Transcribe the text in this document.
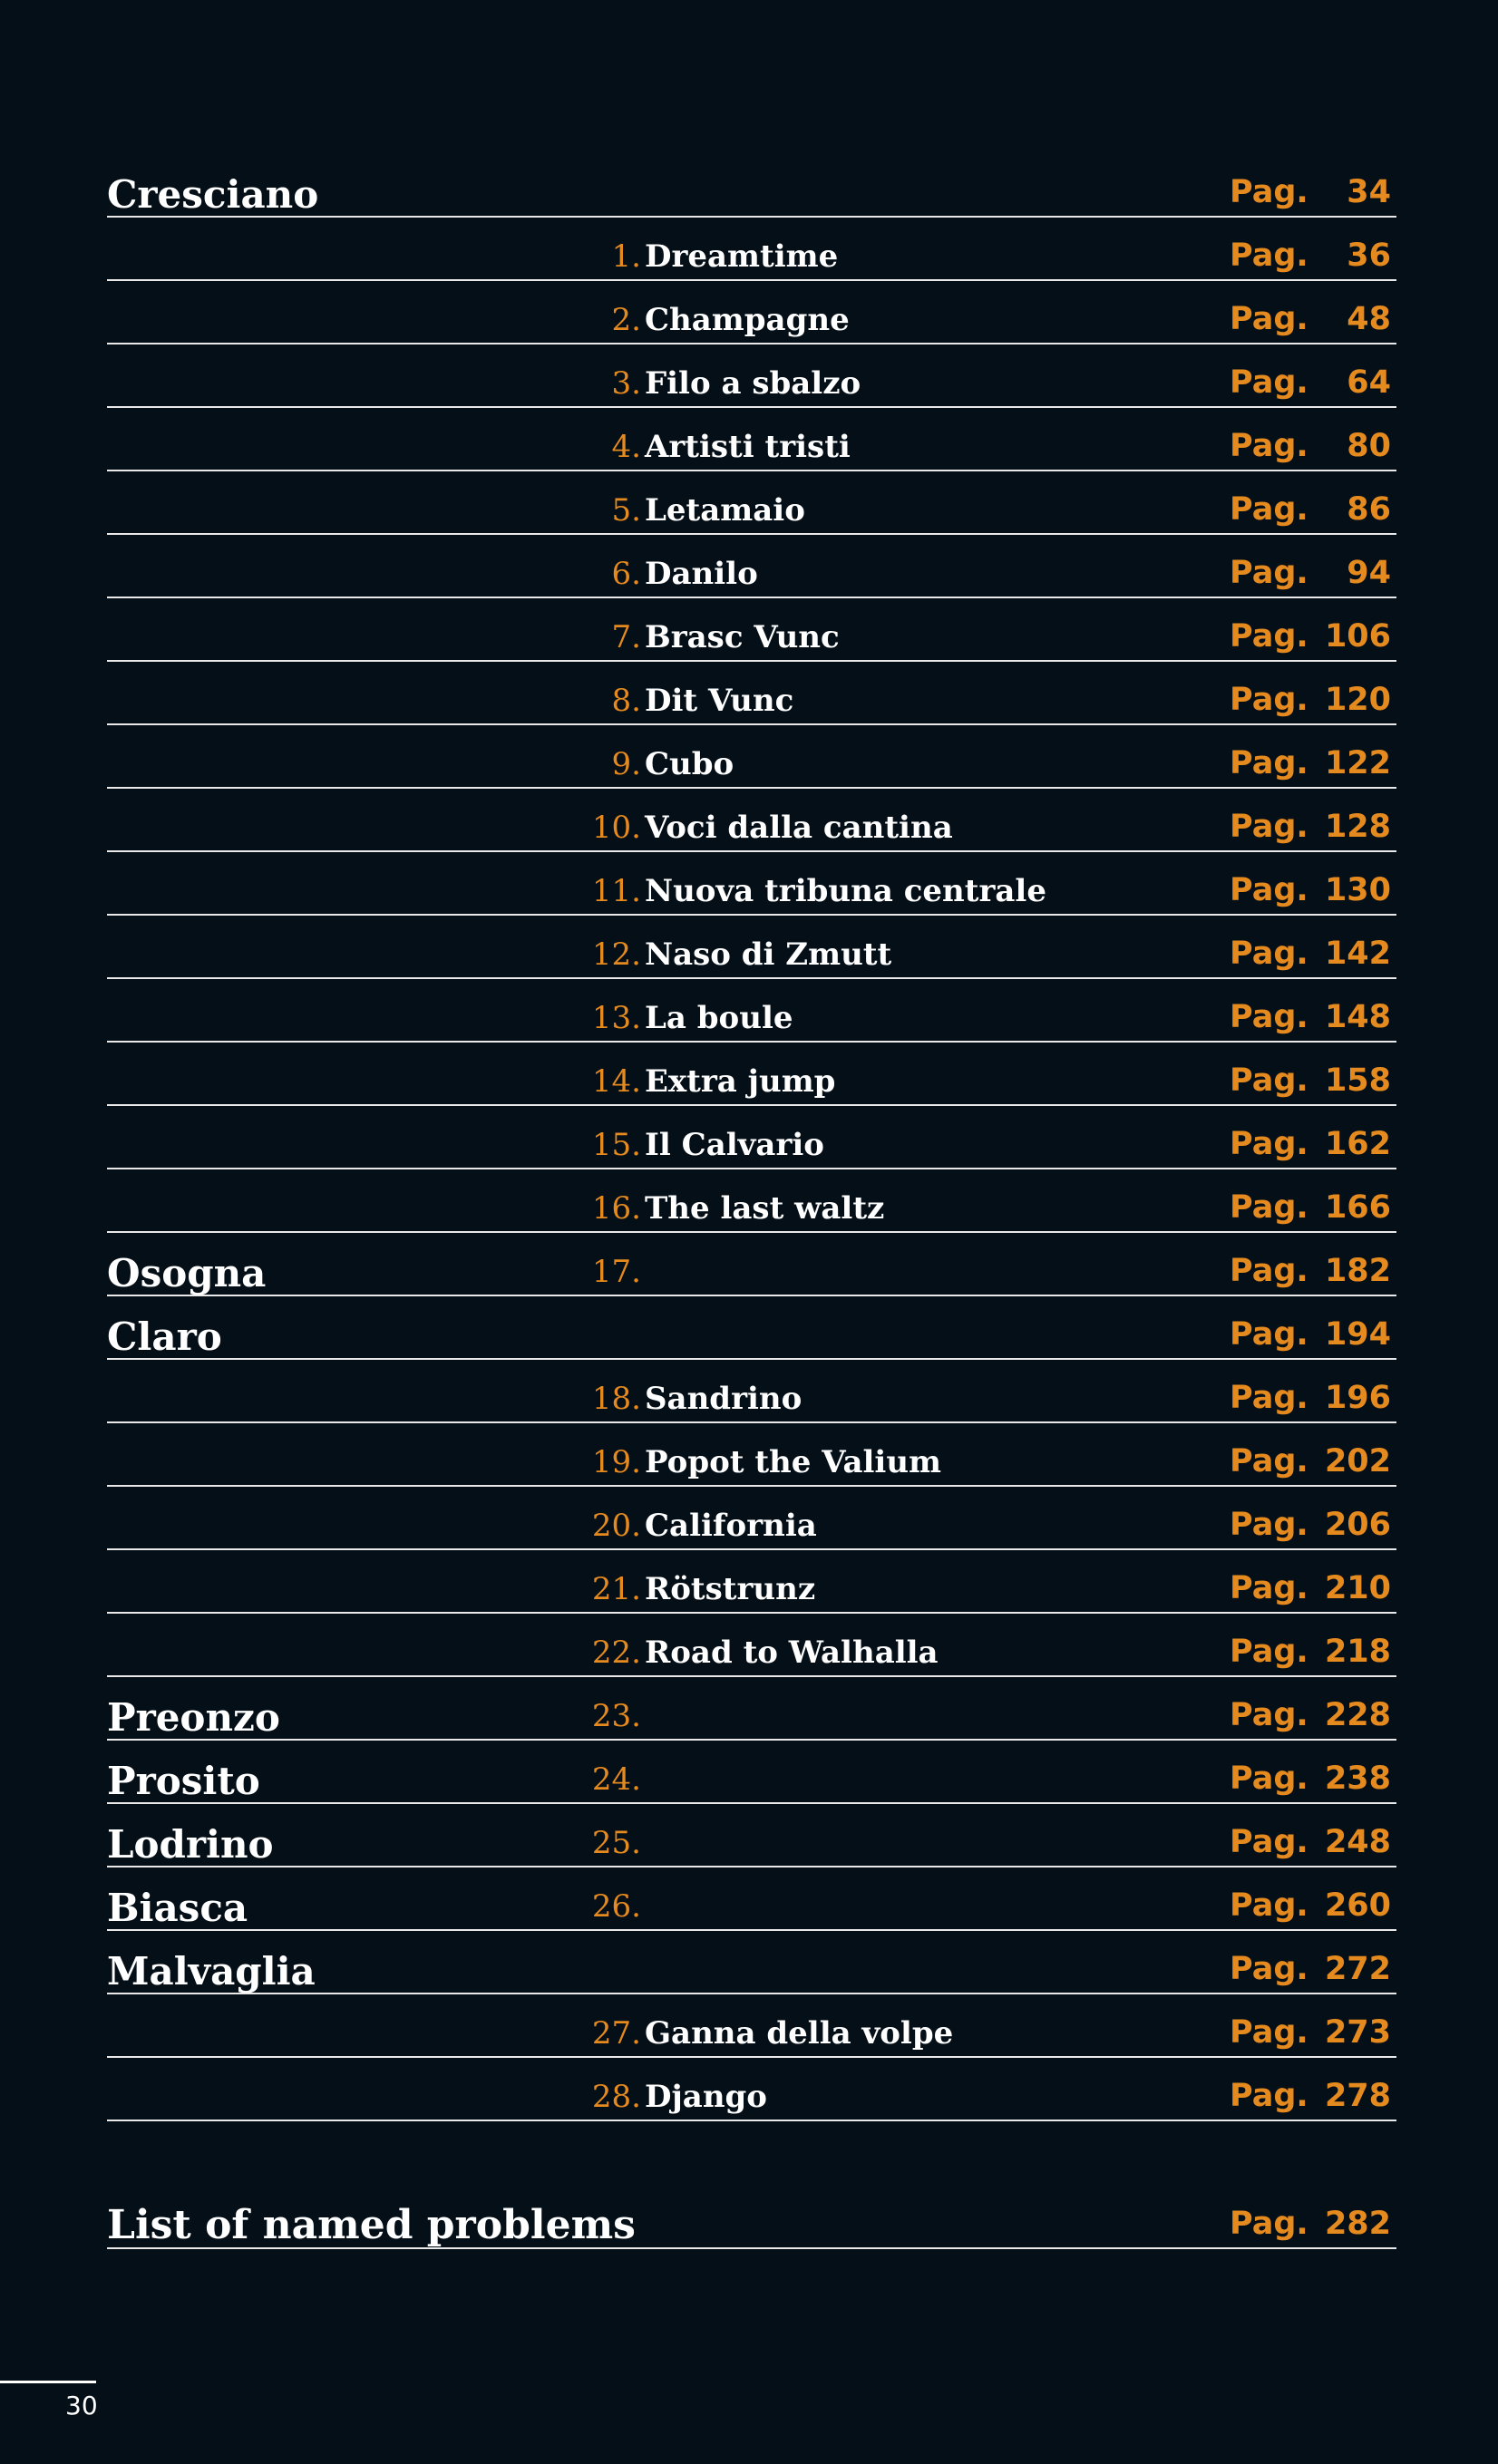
Cresciano	Pag. 34
1. Dreamtime	Pag. 36
2. Champagne	Pag. 48
3. Filo a sbalzo	Pag. 64
4. Artisti tristi	Pag. 80
5. Letamaio	Pag. 86
6. Danilo	Pag. 94
7. Brasc Vunc	Pag. 106
8. Dit Vunc	Pag. 120
9. Cubo	Pag. 122
10. Voci dalla cantina	Pag. 128
11. Nuova tribuna centrale	Pag. 130
12. Naso di Zmutt	Pag. 142
13. La boule	Pag. 148
14. Extra jump	Pag. 158
15. Il Calvario	Pag. 162
16. The last waltz	Pag. 166
Osogna	17.	Pag. 182
Claro	Pag. 194
18. Sandrino	Pag. 196
19. Popot the Valium	Pag. 202
20. California	Pag. 206
21. Rötstrunz	Pag. 210
22. Road to Walhalla	Pag. 218
Preonzo	23.	Pag. 228
Prosito	24.	Pag. 238
Lodrino	25.	Pag. 248
Biasca	26.	Pag. 260
Malvaglia	Pag. 272
27. Ganna della volpe	Pag. 273
28. Django	Pag. 278
List of named problems	Pag. 282
30
